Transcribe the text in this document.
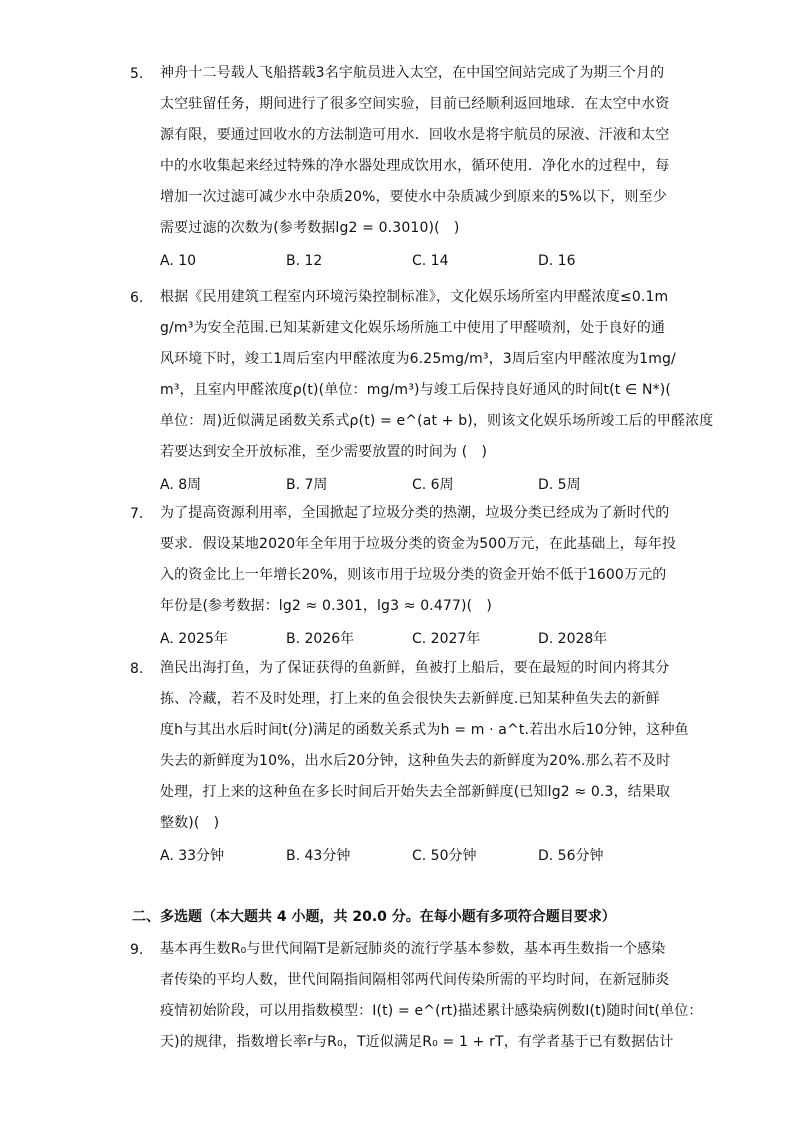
5. 神舟十二号载人飞船搭载3名宇航员进入太空，在中国空间站完成了为期三个月的
太空驻留任务，期间进行了很多空间实验，目前已经顺利返回地球．在太空中水资
源有限，要通过回收水的方法制造可用水．回收水是将宇航员的尿液、汗液和太空
中的水收集起来经过特殊的净水器处理成饮用水，循环使用．净化水的过程中，每
增加一次过滤可减少水中杂质20%，要使水中杂质减少到原来的5%以下，则至少
需要过滤的次数为(参考数据lg2 = 0.3010)(　)
A. 10	B. 12	C. 14	D. 16
6. 根据《民用建筑工程室内环境污染控制标准》，文化娱乐场所室内甲醛浓度≤0.1m
g/m³为安全范围.已知某新建文化娱乐场所施工中使用了甲醛喷剂，处于良好的通
风环境下时，竣工1周后室内甲醛浓度为6.25mg/m³，3周后室内甲醛浓度为1mg/
m³，且室内甲醛浓度ρ(t)(单位：mg/m³)与竣工后保持良好通风的时间t(t ∈ N*)(
单位：周)近似满足函数关系式ρ(t) = e^(at + b)，则该文化娱乐场所竣工后的甲醛浓度
若要达到安全开放标准，至少需要放置的时间为 (　)
A. 8周	B. 7周	C. 6周	D. 5周
7. 为了提高资源利用率，全国掀起了垃圾分类的热潮，垃圾分类已经成为了新时代的
要求．假设某地2020年全年用于垃圾分类的资金为500万元，在此基础上，每年投
入的资金比上一年增长20%，则该市用于垃圾分类的资金开始不低于1600万元的
年份是(参考数据：lg2 ≈ 0.301，lg3 ≈ 0.477)(　)
A. 2025年	B. 2026年	C. 2027年	D. 2028年
8. 渔民出海打鱼，为了保证获得的鱼新鲜，鱼被打上船后，要在最短的时间内将其分
拣、冷藏，若不及时处理，打上来的鱼会很快失去新鲜度.已知某种鱼失去的新鲜
度h与其出水后时间t(分)满足的函数关系式为h = m · a^t.若出水后10分钟，这种鱼
失去的新鲜度为10%，出水后20分钟，这种鱼失去的新鲜度为20%.那么若不及时
处理，打上来的这种鱼在多长时间后开始失去全部新鲜度(已知lg2 ≈ 0.3，结果取
整数)(　)
A. 33分钟	B. 43分钟	C. 50分钟	D. 56分钟
二、多选题（本大题共 4 小题，共 20.0 分。在每小题有多项符合题目要求）
9. 基本再生数R₀与世代间隔T是新冠肺炎的流行学基本参数，基本再生数指一个感染
者传染的平均人数，世代间隔指间隔相邻两代间传染所需的平均时间，在新冠肺炎
疫情初始阶段，可以用指数模型：I(t) = e^(rt)描述累计感染病例数I(t)随时间t(单位：
天)的规律，指数增长率r与R₀，T近似满足R₀ = 1 + rT，有学者基于已有数据估计
